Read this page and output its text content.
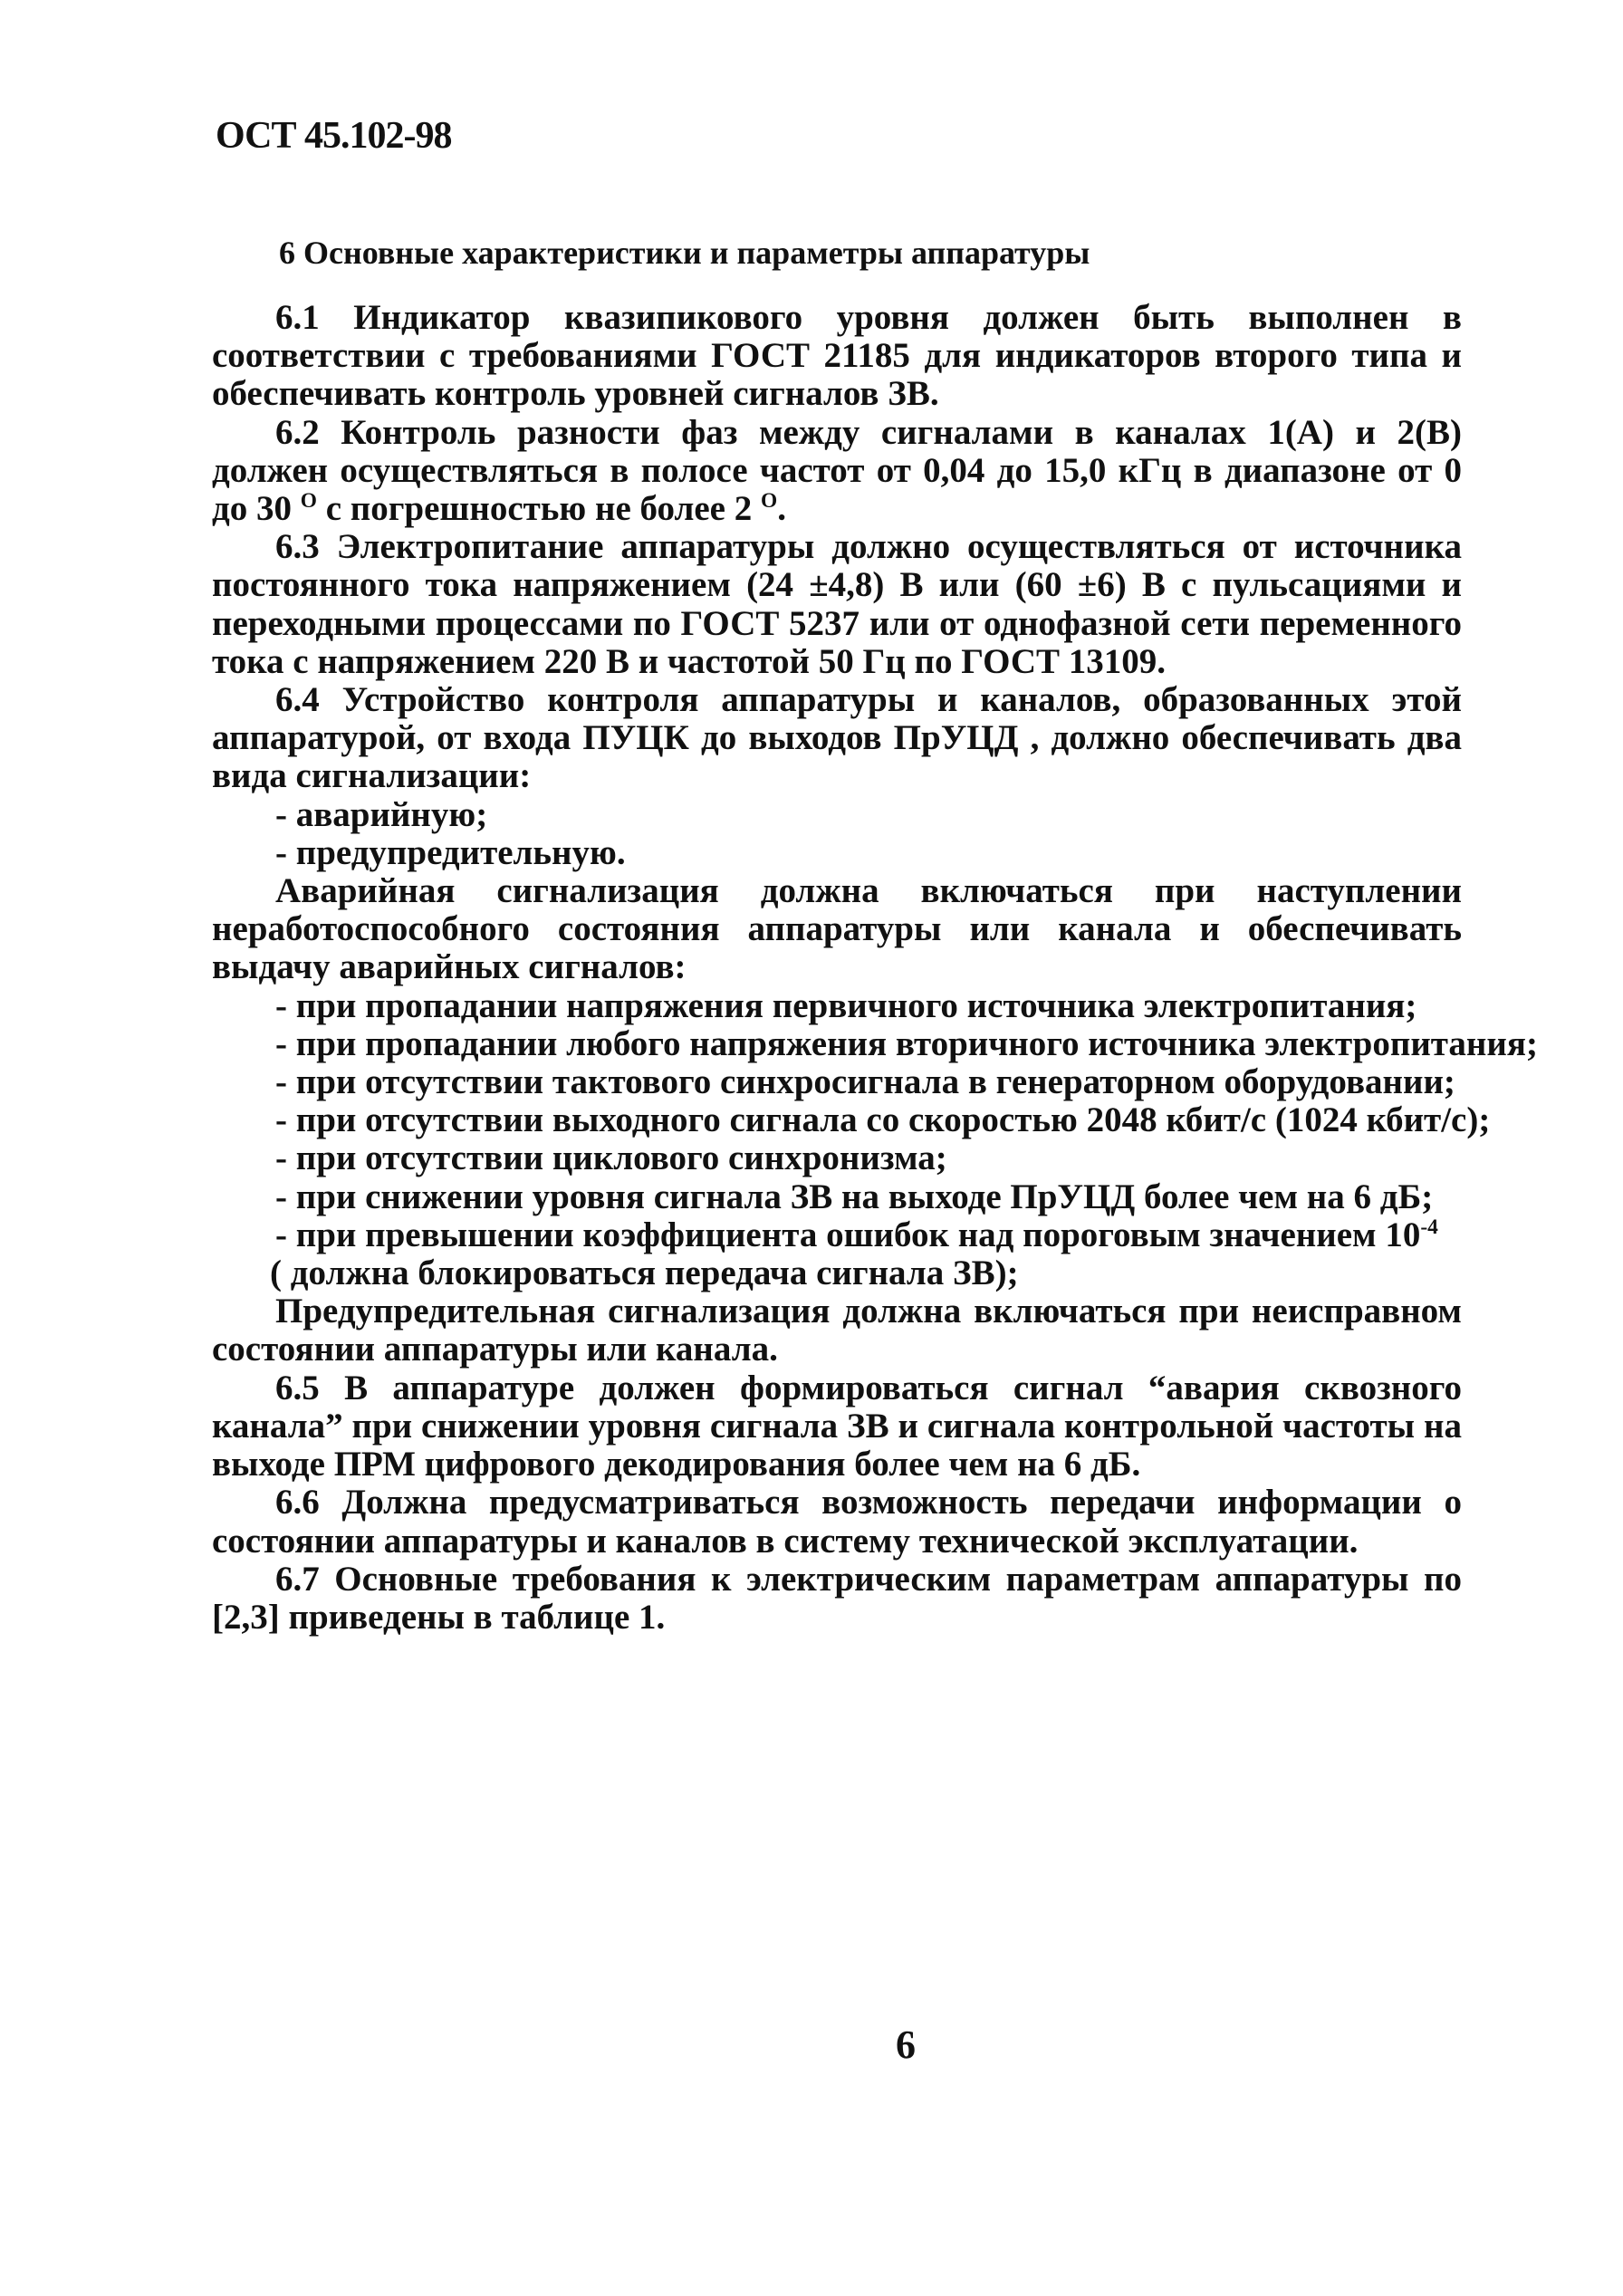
ОСТ 45.102-98
6 Основные характеристики и параметры аппаратуры

6.1 Индикатор квазипикового уровня должен быть выполнен в соответствии с требованиями ГОСТ 21185 для индикаторов второго типа и обеспечивать контроль уровней сигналов ЗВ.

6.2 Контроль разности фаз между сигналами в каналах 1(А) и 2(В) должен осуществляться в полосе частот от 0,04 до 15,0 кГц в диапазоне от 0 до 30 $^О$ с погрешностью не более 2 $^О$.

6.3 Электропитание аппаратуры должно осуществляться от источника постоянного тока напряжением (24 ±4,8) В или (60 ±6) В с пульсациями и переходными процессами по ГОСТ 5237 или от однофазной сети переменного тока с напряжением 220 В и частотой 50 Гц по ГОСТ 13109.

6.4 Устройство контроля аппаратуры и каналов, образованных этой аппаратурой, от входа ПУЦК до выходов ПрУЦД , должно обеспечивать два вида сигнализации:

- аварийную;
- предупредительную.

Аварийная сигнализация должна включаться при наступлении неработоспособного состояния аппаратуры или канала и обеспечивать выдачу аварийных сигналов:

- при пропадании напряжения первичного источника электропитания;
- при пропадании любого напряжения вторичного источника электропитания;
- при отсутствии тактового синхросигнала в генераторном оборудовании;
- при отсутствии выходного сигнала со скоростью 2048 кбит/с (1024 кбит/с);
- при отсутствии циклового синхронизма;
- при снижении уровня сигнала ЗВ на выходе ПрУЦД более чем на 6 дБ;
- при превышении коэффициента ошибок над пороговым значением $10^{-4}$
( должна блокироваться передача сигнала ЗВ);

Предупредительная сигнализация должна включаться при неисправном состоянии аппаратуры или канала.

6.5 В аппаратуре должен формироваться сигнал “авария сквозного канала” при снижении уровня сигнала ЗВ и сигнала контрольной частоты на выходе ПРМ цифрового декодирования более чем на 6 дБ.

6.6 Должна предусматриваться возможность передачи информации о состоянии аппаратуры и каналов в систему технической эксплуатации.

6.7 Основные требования к электрическим параметрам аппаратуры по [2,3] приведены в таблице 1.

6
